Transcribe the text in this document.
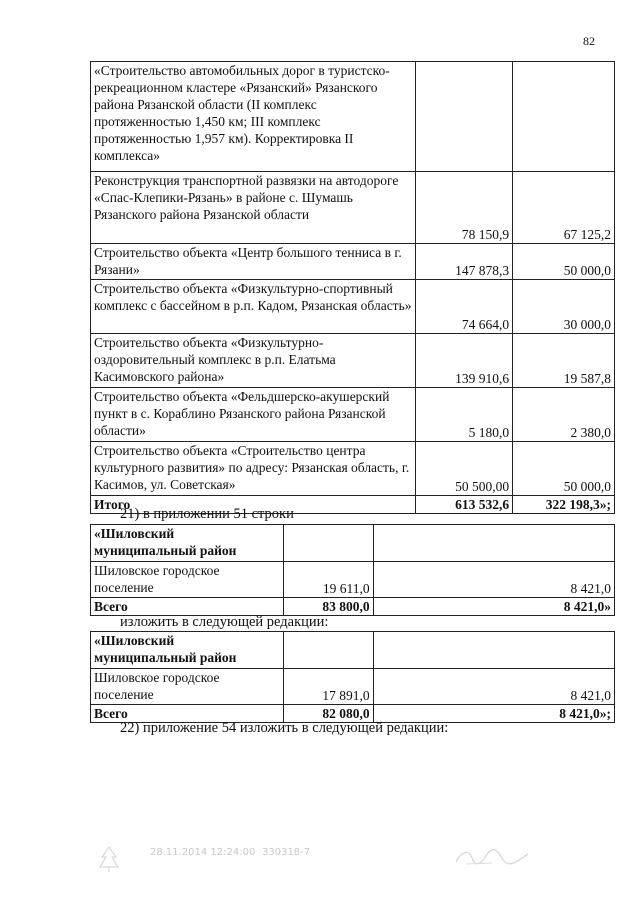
82
«Строительство автомобильных дорог в туристско-рекреационном кластере «Рязанский» Рязанского района Рязанской области (II комплекс протяженностью 1,450 км; III комплекс протяженностью 1,957 км). Корректировка II комплекса»		
Реконструкция транспортной развязки на автодороге «Спас-Клепики-Рязань» в районе с. Шумашь Рязанского района Рязанской области	78 150,9	67 125,2
Строительство объекта «Центр большого тенниса в г. Рязани»	147 878,3	50 000,0
Строительство объекта «Физкультурно-спортивный комплекс с бассейном в р.п. Кадом, Рязанская область»	74 664,0	30 000,0
Строительство объекта «Физкультурно-оздоровительный комплекс в р.п. Елатьма Касимовского района»	139 910,6	19 587,8
Строительство объекта «Фельдшерско-акушерский пункт в с. Кораблино Рязанского района Рязанской области»	5 180,0	2 380,0
Строительство объекта «Строительство центра культурного развития» по адресу: Рязанская область, г. Касимов, ул. Советская»	50 500,00	50 000,0
Итого	613 532,6	322 198,3»;
21) в приложении 51 строки
«Шиловский муниципальный район		
Шиловское городское поселение	19 611,0	8 421,0
Всего	83 800,0	8 421,0»
изложить в следующей редакции:
«Шиловский муниципальный район		
Шиловское городское поселение	17 891,0	8 421,0
Всего	82 080,0	8 421,0»;
22) приложение 54 изложить в следующей редакции:
28.11.2014 12:24:00 330318-7
